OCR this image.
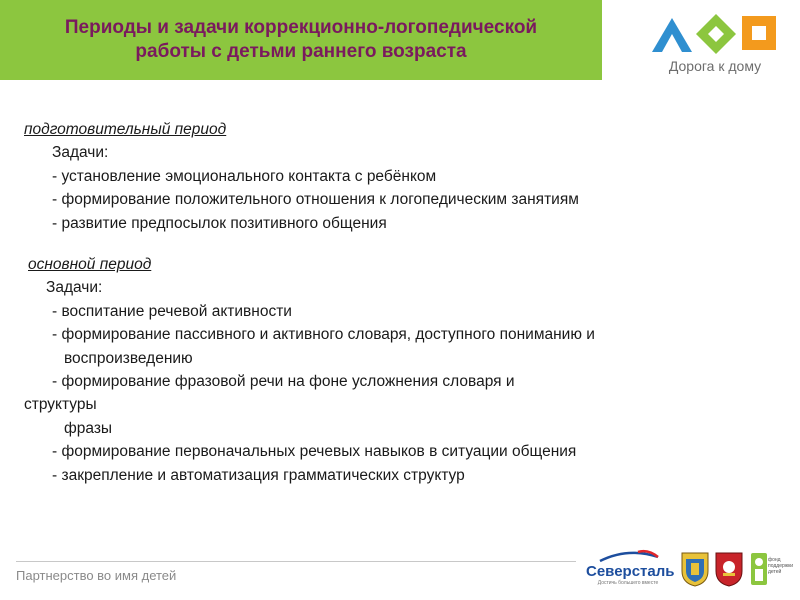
Периоды и задачи коррекционно-логопедической
работы с детьми раннего возраста
Дорога к дому
подготовительный период
Задачи:
- установление эмоционального контакта с ребёнком
- формирование положительного отношения к логопедическим занятиям
- развитие предпосылок позитивного общения
основной период
Задачи:
- воспитание речевой активности
- формирование пассивного и активного словаря, доступного пониманию и
воспроизведению
- формирование фразовой речи на фоне усложнения словаря и
структуры
фразы
- формирование первоначальных речевых навыков в ситуации общения
- закрепление и автоматизация грамматических структур
Партнерство во имя детей	Северсталь
Достичь большего вместе
фонд поддержки детей
